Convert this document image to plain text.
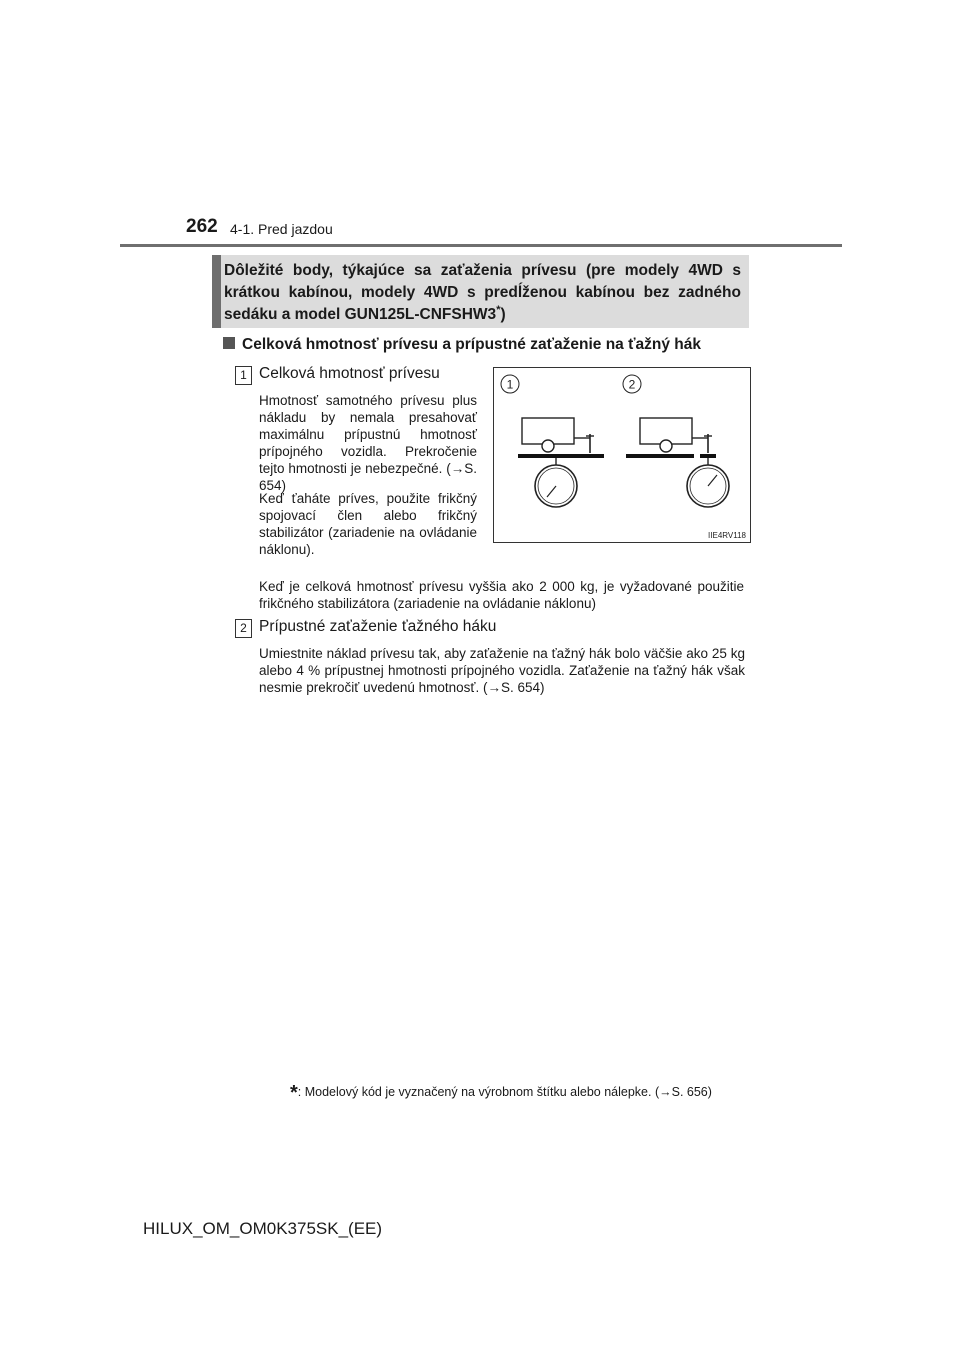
262 4-1. Pred jazdou
Dôležité body, týkajúce sa zaťaženia prívesu (pre modely 4WD s krátkou kabínou, modely 4WD s predĺženou kabínou bez zadného sedáku a model GUN125L-CNFSHW3*)
Celková hmotnosť prívesu a prípustné zaťaženie na ťažný hák
1 Celková hmotnosť prívesu
Hmotnosť samotného prívesu plus nákladu by nemala presahovať maximálnu prípustnú hmotnosť prípojného vozidla. Prekročenie tejto hmotnosti je nebezpečné. (→S. 654)
Keď ťaháte príves, použite frikčný spojovací člen alebo frikčný stabilizátor (zariadenie na ovládanie náklonu).
Keď je celková hmotnosť prívesu vyššia ako 2 000 kg, je vyžadované použitie frikčného stabilizátora (zariadenie na ovládanie náklonu)
2 Prípustné zaťaženie ťažného háku
Umiestnite náklad prívesu tak, aby zaťaženie na ťažný hák bolo väčšie ako 25 kg alebo 4 % prípustnej hmotnosti prípojného vozidla. Zaťaženie na ťažný hák však nesmie prekročiť uvedenú hmotnosť. (→S. 654)
1	2
IIE4RV118
*: Modelový kód je vyznačený na výrobnom štítku alebo nálepke. (→S. 656)
HILUX_OM_OM0K375SK_(EE)
